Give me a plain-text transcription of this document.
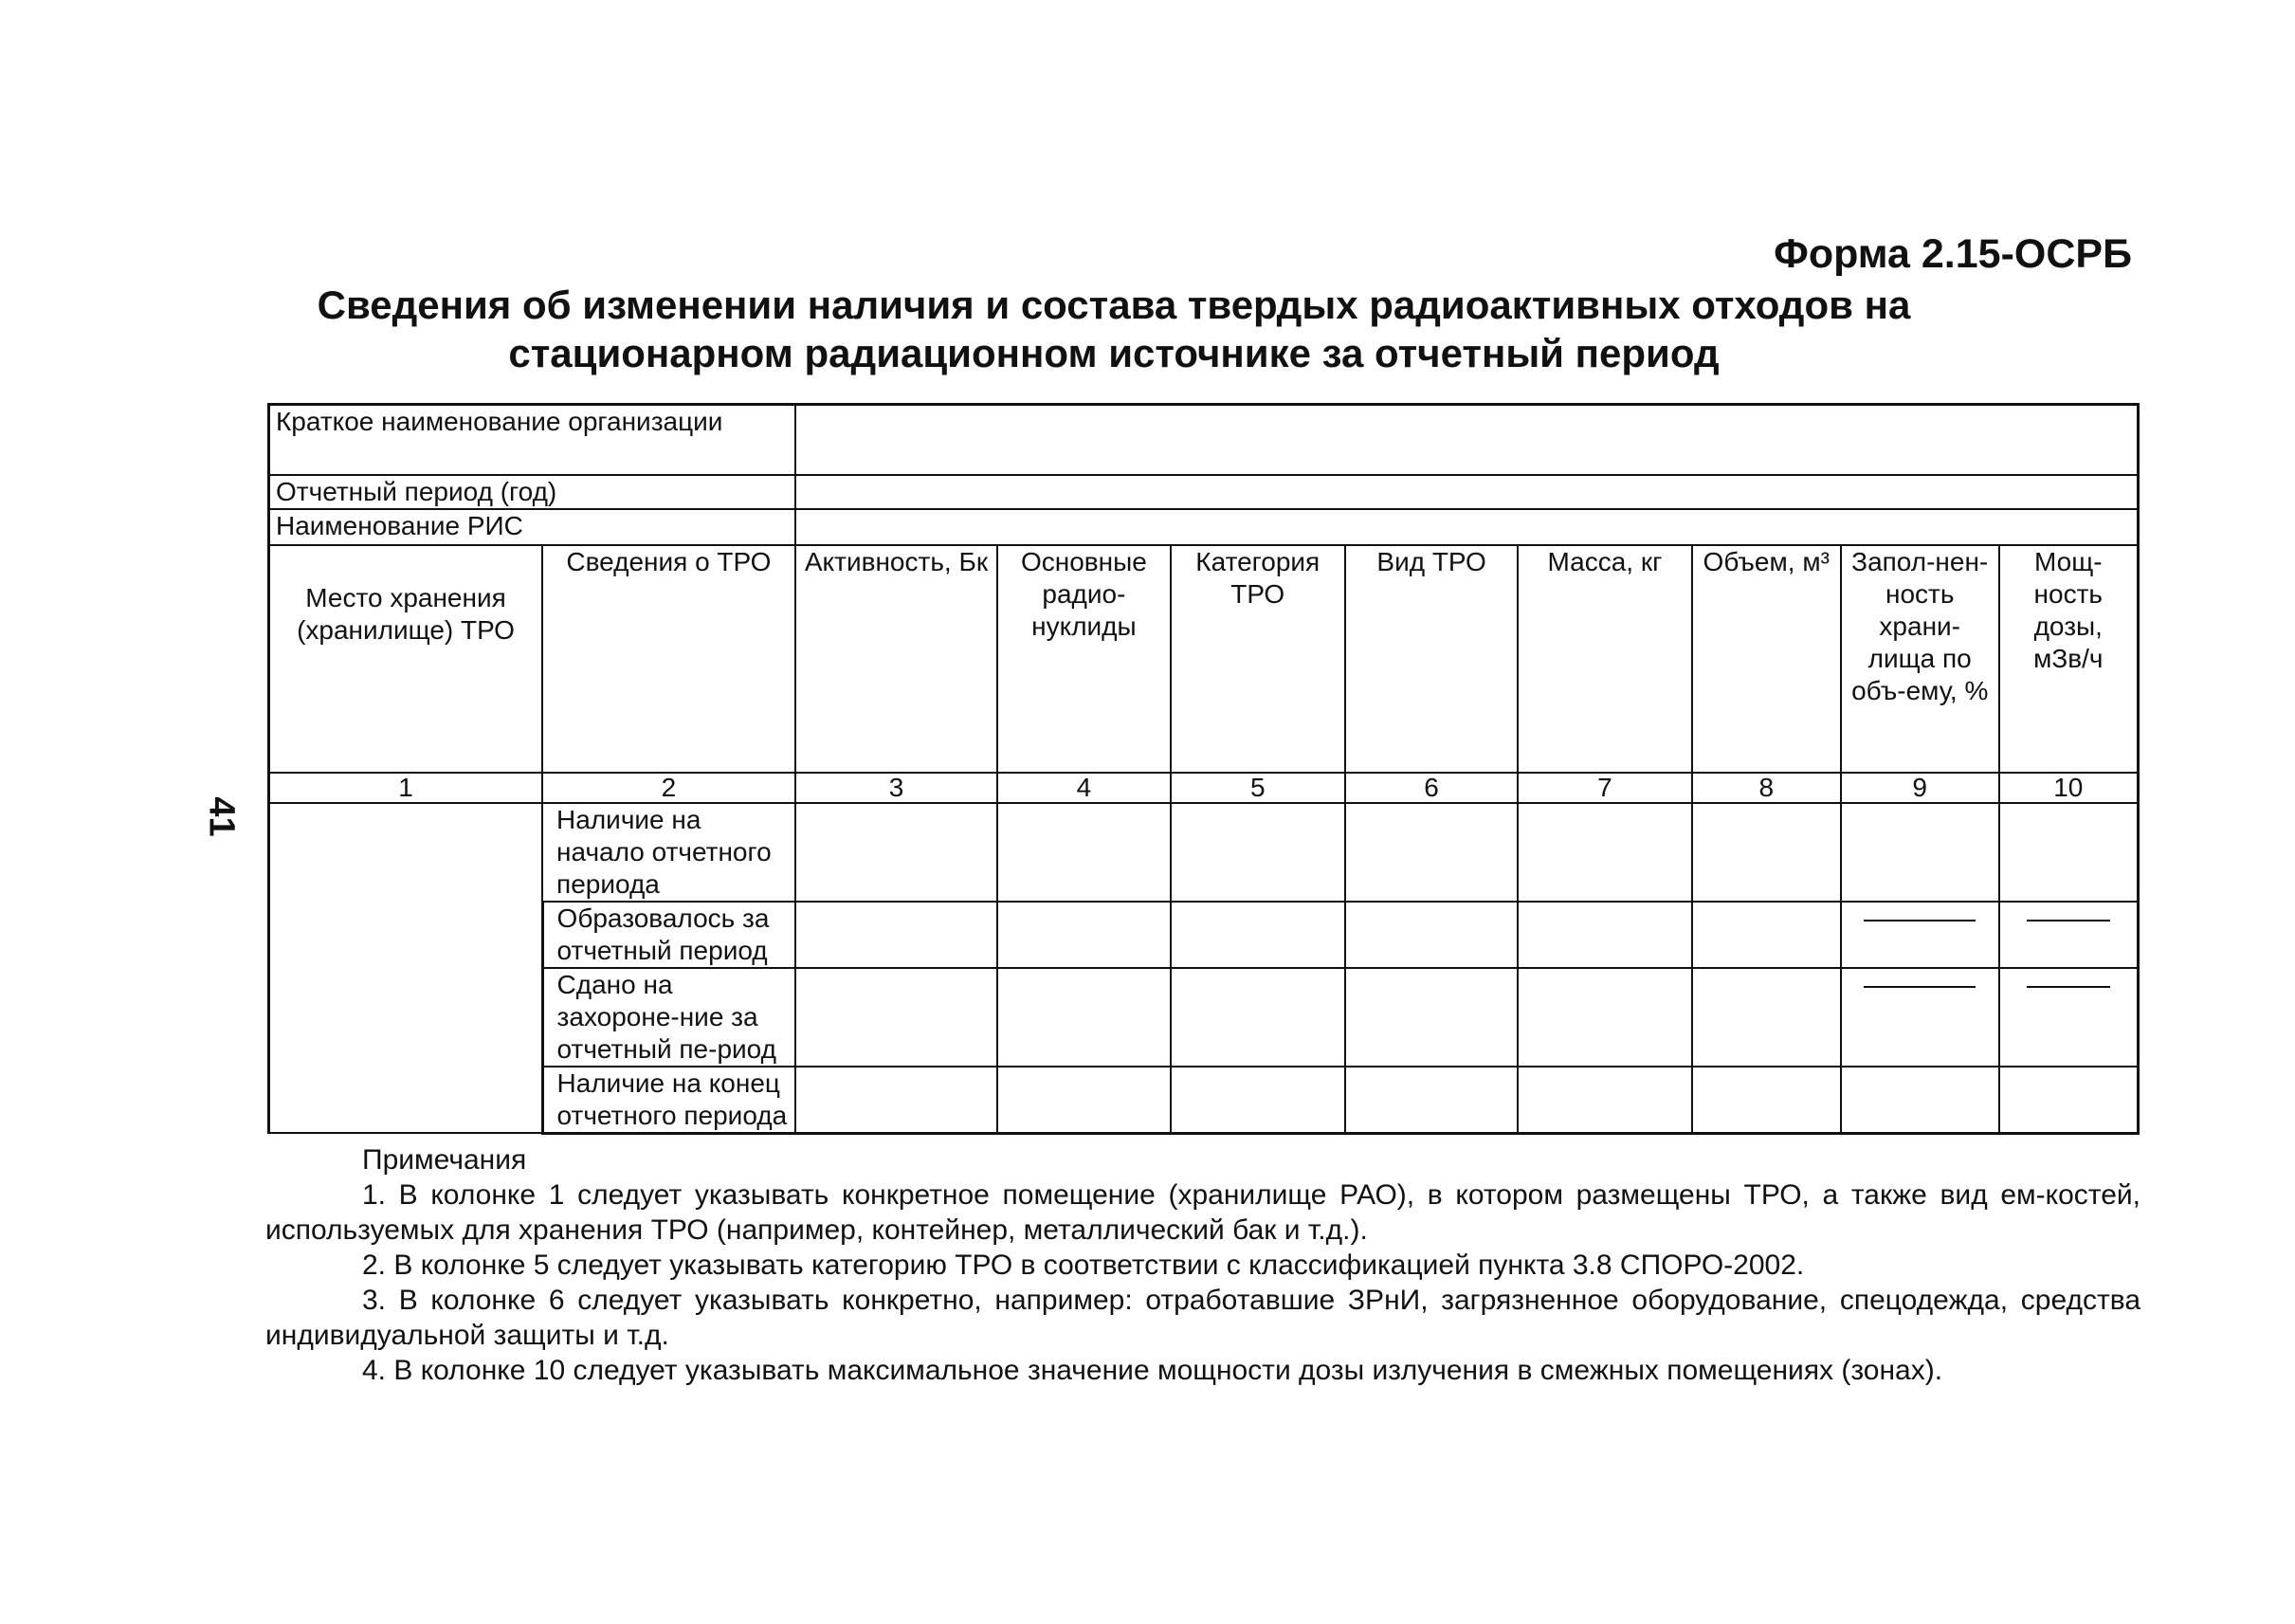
41
Форма 2.15-ОСРБ
Сведения об изменении наличия и состава твердых радиоактивных отходов на
стационарном радиационном источнике за отчетный период
Краткое наименование организации									
Отчетный период (год)									
Наименование РИС									
Место хранения (хранилище) ТРО	Сведения о ТРО	Активность, Бк	Основные радио-нуклиды	Категория ТРО	Вид ТРО	Масса, кг	Объем, м³	Запол-нен-ность храни-лища по объ-ему, %	Мощ-ность дозы, мЗв/ч
1	2	3	4	5	6	7	8	9	10
	Наличие на начало отчетного периода								
	Образовалось за отчетный период							

	Сдано на захороне-ние за отчетный пе-риод							

	Наличие на конец отчетного периода								

Примечания

1. В колонке 1 следует указывать конкретное помещение (хранилище РАО), в котором размещены ТРО, а также вид ем-костей, используемых для хранения ТРО (например, контейнер, металлический бак и т.д.).

2. В колонке 5 следует указывать категорию ТРО в соответствии с классификацией пункта 3.8 СПОРО-2002.

3. В колонке 6 следует указывать конкретно, например: отработавшие ЗРнИ, загрязненное оборудование, спецодежда, средства индивидуальной защиты и т.д.

4. В колонке 10 следует указывать максимальное значение мощности дозы излучения в смежных помещениях (зонах).
